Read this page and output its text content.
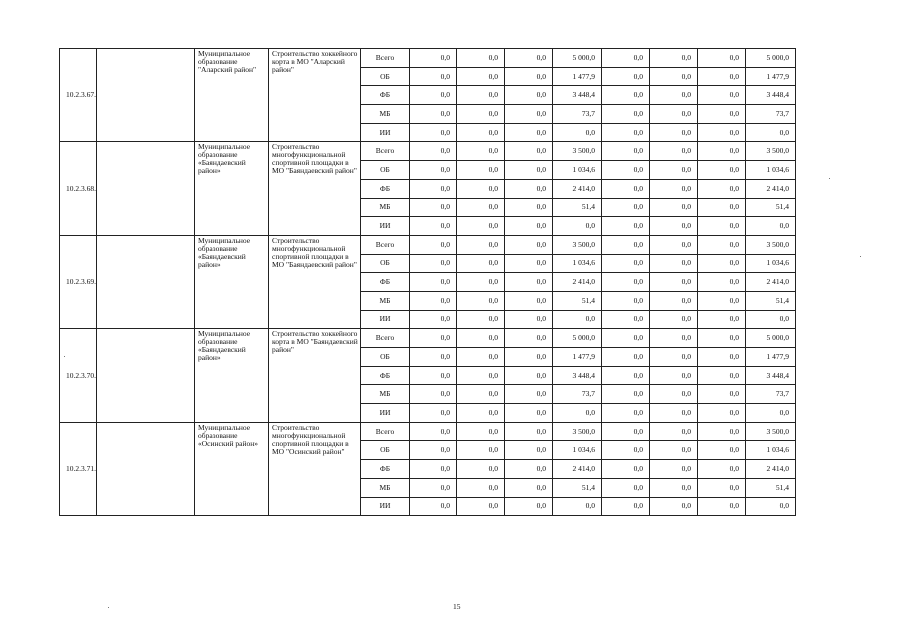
10.2.3.67.		Муниципальное образование "Аларский район"	Строительство хоккейного корта в МО "Аларский район"	Всего	0,0	0,0	0,0	5 000,0	0,0	0,0	0,0	5 000,0
				ОБ	0,0	0,0	0,0	1 477,9	0,0	0,0	0,0	1 477,9
				ФБ	0,0	0,0	0,0	3 448,4	0,0	0,0	0,0	3 448,4
				МБ	0,0	0,0	0,0	73,7	0,0	0,0	0,0	73,7
				ИИ	0,0	0,0	0,0	0,0	0,0	0,0	0,0	0,0
10.2.3.68.		Муниципальное образование «Баяндаевский район»	Строительство многофункциональной спортивной площадки в МО "Баяндаевский район"	Всего	0,0	0,0	0,0	3 500,0	0,0	0,0	0,0	3 500,0
				ОБ	0,0	0,0	0,0	1 034,6	0,0	0,0	0,0	1 034,6
				ФБ	0,0	0,0	0,0	2 414,0	0,0	0,0	0,0	2 414,0
				МБ	0,0	0,0	0,0	51,4	0,0	0,0	0,0	51,4
				ИИ	0,0	0,0	0,0	0,0	0,0	0,0	0,0	0,0
10.2.3.69.		Муниципальное образование «Баяндаевский район»	Строительство многофункциональной спортивной площадки в МО "Баяндаевский район"	Всего	0,0	0,0	0,0	3 500,0	0,0	0,0	0,0	3 500,0
				ОБ	0,0	0,0	0,0	1 034,6	0,0	0,0	0,0	1 034,6
				ФБ	0,0	0,0	0,0	2 414,0	0,0	0,0	0,0	2 414,0
				МБ	0,0	0,0	0,0	51,4	0,0	0,0	0,0	51,4
				ИИ	0,0	0,0	0,0	0,0	0,0	0,0	0,0	0,0
10.2.3.70.		Муниципальное образование «Баяндаевский район»	Строительство хоккейного корта в МО "Баяндаевский район"	Всего	0,0	0,0	0,0	5 000,0	0,0	0,0	0,0	5 000,0
				ОБ	0,0	0,0	0,0	1 477,9	0,0	0,0	0,0	1 477,9
				ФБ	0,0	0,0	0,0	3 448,4	0,0	0,0	0,0	3 448,4
				МБ	0,0	0,0	0,0	73,7	0,0	0,0	0,0	73,7
				ИИ	0,0	0,0	0,0	0,0	0,0	0,0	0,0	0,0
10.2.3.71.		Муниципальное образование «Осинский район»	Строительство многофункциональной спортивной площадки в МО "Осинский район"	Всего	0,0	0,0	0,0	3 500,0	0,0	0,0	0,0	3 500,0
				ОБ	0,0	0,0	0,0	1 034,6	0,0	0,0	0,0	1 034,6
				ФБ	0,0	0,0	0,0	2 414,0	0,0	0,0	0,0	2 414,0
				МБ	0,0	0,0	0,0	51,4	0,0	0,0	0,0	51,4
				ИИ	0,0	0,0	0,0	0,0	0,0	0,0	0,0	0,0
15
